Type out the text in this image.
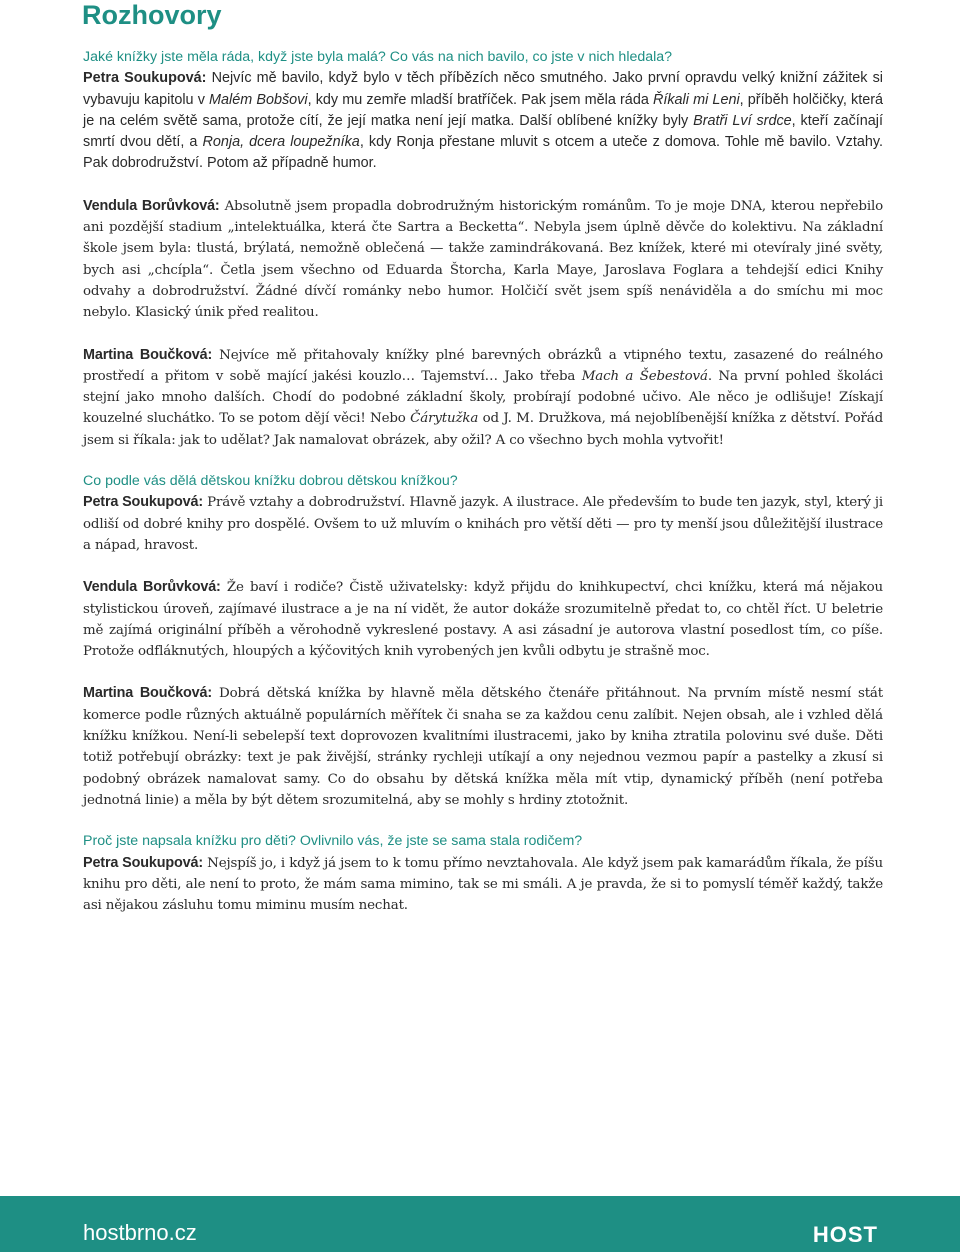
Rozhovory

Jaké knížky jste měla ráda, když jste byla malá? Co vás na nich bavilo, co jste v nich hledala?

Petra Soukupová: Nejvíc mě bavilo, když bylo v těch příbězích něco smutného. Jako první opravdu velký knižní zážitek si vybavuju kapitolu v Malém Bobšovi, kdy mu zemře mladší bratříček. Pak jsem měla ráda Říkali mi Leni, příběh holčičky, která je na celém světě sama, protože cítí, že její matka není její matka. Další oblíbené knížky byly Bratři Lví srdce, kteří začínají smrtí dvou dětí, a Ronja, dcera loupežníka, kdy Ronja přestane mluvit s otcem a uteče z domova. Tohle mě bavilo. Vztahy. Pak dobrodružství. Potom až případně humor.

Vendula Borůvková: Absolutně jsem propadla dobrodružným historickým románům. To je moje DNA, kterou nepřebilo ani pozdější stadium „intelektuálka, která čte Sartra a Becketta“. Nebyla jsem úplně děvče do kolektivu. Na základní škole jsem byla: tlustá, brýlatá, nemožně oblečená — takže zamindrákovaná. Bez knížek, které mi otevíraly jiné světy, bych asi „chcípla“. Četla jsem všechno od Eduarda Štorcha, Karla Maye, Jaroslava Foglara a tehdejší edici Knihy odvahy a dobrodružství. Žádné dívčí románky nebo humor. Holčičí svět jsem spíš nenáviděla a do smíchu mi moc nebylo. Klasický únik před realitou.

Martina Boučková: Nejvíce mě přitahovaly knížky plné barevných obrázků a vtipného textu, zasazené do reálného prostředí a přitom v sobě mající jakési kouzlo… Tajemství… Jako třeba Mach a Šebestová. Na první pohled školáci stejní jako mnoho dalších. Chodí do podobné základní školy, probírají podobné učivo. Ale něco je odlišuje! Získají kouzelné sluchátko. To se potom dějí věci! Nebo Čárytužka od J. M. Družkova, má nejoblíbenější knížka z dětství. Pořád jsem si říkala: jak to udělat? Jak namalovat obrázek, aby ožil? A co všechno bych mohla vytvořit!

Co podle vás dělá dětskou knížku dobrou dětskou knížkou?

Petra Soukupová: Právě vztahy a dobrodružství. Hlavně jazyk. A ilustrace. Ale především to bude ten jazyk, styl, který ji odliší od dobré knihy pro dospělé. Ovšem to už mluvím o knihách pro větší děti — pro ty menší jsou důležitější ilustrace a nápad, hravost.

Vendula Borůvková: Že baví i rodiče? Čistě uživatelsky: když přijdu do knihkupectví, chci knížku, která má nějakou stylistickou úroveň, zajímavé ilustrace a je na ní vidět, že autor dokáže srozumitelně předat to, co chtěl říct. U beletrie mě zajímá originální příběh a věrohodně vykreslené postavy. A asi zásadní je autorova vlastní posedlost tím, co píše. Protože odfláknutých, hloupých a kýčovitých knih vyrobených jen kvůli odbytu je strašně moc.

Martina Boučková: Dobrá dětská knížka by hlavně měla dětského čtenáře přitáhnout. Na prvním místě nesmí stát komerce podle různých aktuálně populárních měřítek či snaha se za každou cenu zalíbit. Nejen obsah, ale i vzhled dělá knížku knížkou. Není-li sebelepší text doprovozen kvalitními ilustracemi, jako by kniha ztratila polovinu své duše. Děti totiž potřebují obrázky: text je pak živější, stránky rychleji utíkají a ony nejednou vezmou papír a pastelky a zkusí si podobný obrázek namalovat samy. Co do obsahu by dětská knížka měla mít vtip, dynamický příběh (není potřeba jednotná linie) a měla by být dětem srozumitelná, aby se mohly s hrdiny ztotožnit.

Proč jste napsala knížku pro děti? Ovlivnilo vás, že jste se sama stala rodičem?

Petra Soukupová: Nejspíš jo, i když já jsem to k tomu přímo nevztahovala. Ale když jsem pak kamarádům říkala, že píšu knihu pro děti, ale není to proto, že mám sama mimino, tak se mi smáli. A je pravda, že si to pomyslí téměř každý, takže asi nějakou zásluhu tomu miminu musím nechat.

hostbrno.cz	HOST
